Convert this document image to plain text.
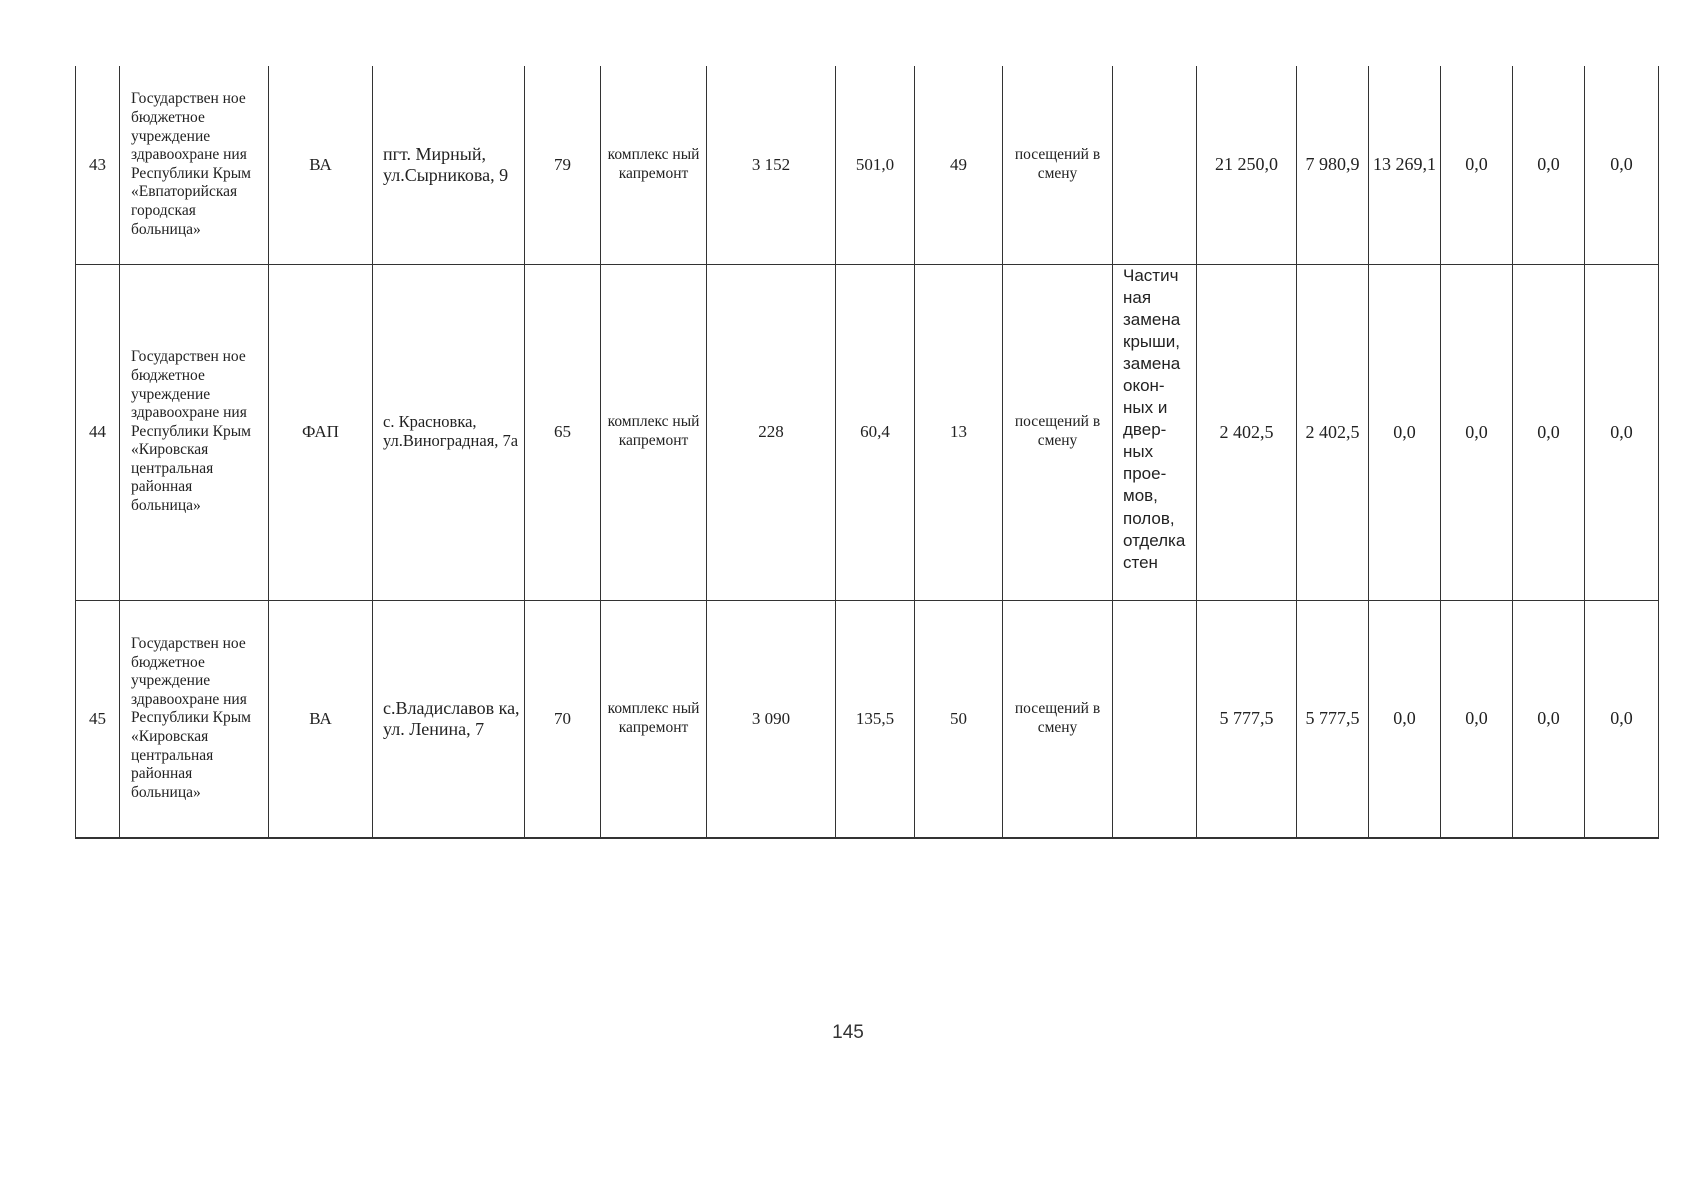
43	Государствен ное бюджетное учреждение здравоохране ния Республики Крым «Евпаторийская городская больница»	ВА	пгт. Мирный, ул.Сырникова, 9	79	комплекс ный капремонт	3 152	501,0	49	посещений в смену		21 250,0	7 980,9	13 269,1	0,0	0,0	0,0
44	Государствен ное бюджетное учреждение здравоохране ния Республики Крым «Кировская центральная районная больница»	ФАП	с. Красновка, ул.Виноградная, 7а	65	комплекс ный капремонт	228	60,4	13	посещений в смену	Частич ная замена крыши, замена окон- ных и двер- ных прое- мов, полов, отделка стен	2 402,5	2 402,5	0,0	0,0	0,0	0,0
45	Государствен ное бюджетное учреждение здравоохране ния Республики Крым «Кировская центральная районная больница»	ВА	с.Владиславов ка, ул. Ленина, 7	70	комплекс ный капремонт	3 090	135,5	50	посещений в смену		5 777,5	5 777,5	0,0	0,0	0,0	0,0
145
